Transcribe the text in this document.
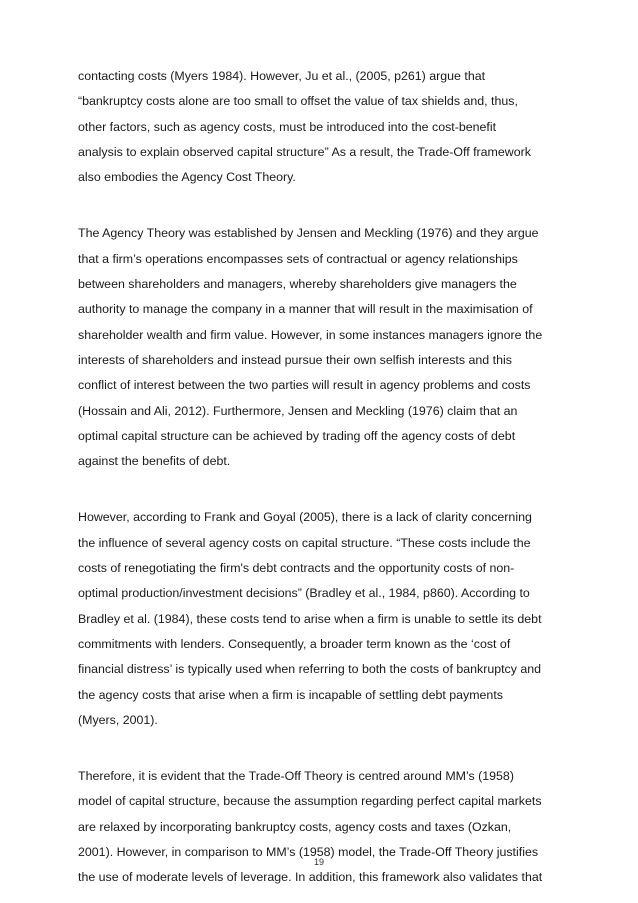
contacting costs (Myers 1984). However, Ju et al., (2005, p261) argue that
“bankruptcy costs alone are too small to offset the value of tax shields and, thus,
other factors, such as agency costs, must be introduced into the cost-benefit
analysis to explain observed capital structure” As a result, the Trade-Off framework
also embodies the Agency Cost Theory.
The Agency Theory was established by Jensen and Meckling (1976) and they argue
that a firm’s operations encompasses sets of contractual or agency relationships
between shareholders and managers, whereby shareholders give managers the
authority to manage the company in a manner that will result in the maximisation of
shareholder wealth and firm value. However, in some instances managers ignore the
interests of shareholders and instead pursue their own selfish interests and this
conflict of interest between the two parties will result in agency problems and costs
(Hossain and Ali, 2012). Furthermore, Jensen and Meckling (1976) claim that an
optimal capital structure can be achieved by trading off the agency costs of debt
against the benefits of debt.
However, according to Frank and Goyal (2005), there is a lack of clarity concerning
the influence of several agency costs on capital structure. “These costs include the
costs of renegotiating the firm's debt contracts and the opportunity costs of non-
optimal production/investment decisions” (Bradley et al., 1984, p860). According to
Bradley et al. (1984), these costs tend to arise when a firm is unable to settle its debt
commitments with lenders. Consequently, a broader term known as the ‘cost of
financial distress’ is typically used when referring to both the costs of bankruptcy and
the agency costs that arise when a firm is incapable of settling debt payments
(Myers, 2001).
Therefore, it is evident that the Trade-Off Theory is centred around MM’s (1958)
model of capital structure, because the assumption regarding perfect capital markets
are relaxed by incorporating bankruptcy costs, agency costs and taxes (Ozkan,
2001). However, in comparison to MM’s (1958) model, the Trade-Off Theory justifies
the use of moderate levels of leverage. In addition, this framework also validates that
19
